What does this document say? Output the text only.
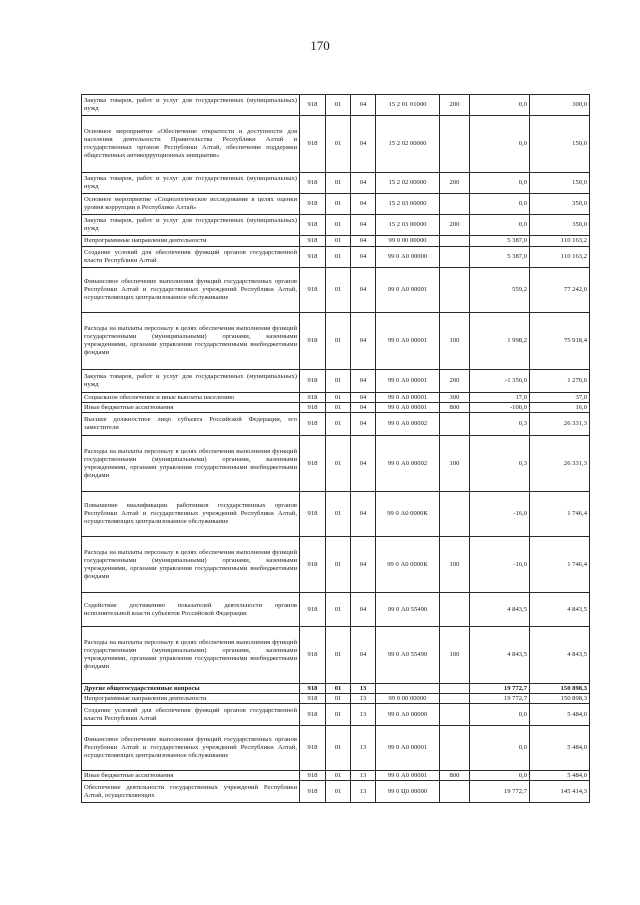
170
Закупка товаров, работ и услуг для государственных (муниципальных) нужд	918	01	04	15 2 01 01000	200	0,0	300,0
Основное мероприятие «Обеспечение открытости и доступности для населения деятельности Правительства Республики Алтай и государственных органов Республики Алтай, обеспечение поддержки общественных антикоррупционных инициатив»	918	01	04	15 2 02 00000		0,0	150,0
Закупка товаров, работ и услуг для государственных (муниципальных) нужд	918	01	04	15 2 02 00000	200	0,0	150,0
Основное мероприятие «Социологическое исследование в целях оценки уровня коррупции в Республике Алтай»	918	01	04	15 2 03 00000		0,0	350,0
Закупка товаров, работ и услуг для государственных (муниципальных) нужд	918	01	04	15 2 03 00000	200	0,0	350,0
Непрограммные направления деятельности	918	01	04	99 0 00 00000		5 387,0	110 163,2
Создание условий для обеспечения функций органов государственной власти Республики Алтай	918	01	04	99 0 А0 00000		5 387,0	110 163,2
Финансовое обеспечение выполнения функций государственных органов Республики Алтай и государственных учреждений Республики Алтай, осуществляющих централизованное обслуживание	918	01	04	99 0 А0 00001		559,2	77 242,0
Расходы на выплаты персоналу в целях обеспечения выполнения функций государственными (муниципальными) органами, казенными учреждениями, органами управления государственными внебюджетными фондами	918	01	04	99 0 А0 00001	100	1 998,2	75 918,4
Закупка товаров, работ и услуг для государственных (муниципальных) нужд	918	01	04	99 0 А0 00001	200	-1 356,0	1 270,6
Социальное обеспечение и иные выплаты населению	918	01	04	99 0 А0 00001	300	17,0	37,0
Иные бюджетные ассигнования	918	01	04	99 0 А0 00001	800	-100,0	16,0
Высшее должностное лицо субъекта Российской Федерации, его заместители	918	01	04	99 0 А0 00002		0,3	26 331,3
Расходы на выплаты персоналу в целях обеспечения выполнения функций государственными (муниципальными) органами, казенными учреждениями, органами управления государственными внебюджетными фондами	918	01	04	99 0 А0 00002	100	0,3	26 331,3
Повышение квалификации работников государственных органов Республики Алтай и государственных учреждений Республики Алтай, осуществляющих централизованное обслуживание	918	01	04	99 0 А0 0000К		-16,0	1 746,4
Расходы на выплаты персоналу в целях обеспечения выполнения функций государственными (муниципальными) органами, казенными учреждениями, органами управления государственными внебюджетными фондами	918	01	04	99 0 А0 0000К	100	-16,0	1 746,4
Содействие достижению показателей деятельности органов исполнительной власти субъектов Российской Федерации	918	01	04	99 0 А0 55490		4 843,5	4 843,5
Расходы на выплаты персоналу в целях обеспечения выполнения функций государственными (муниципальными) органами, казенными учреждениями, органами управления государственными внебюджетными фондами	918	01	04	99 0 А0 55490	100	4 843,5	4 843,5
Другие общегосударственные вопросы	918	01	13			19 772,7	150 898,3
Непрограммные направления деятельности	918	01	13	99 0 00 00000		19 772,7	150 898,3
Создание условий для обеспечения функций органов государственной власти Республики Алтай	918	01	13	99 0 А0 00000		0,0	5 484,0
Финансовое обеспечение выполнения функций государственных органов Республики Алтай и государственных учреждений Республики Алтай, осуществляющих централизованное обслуживание	918	01	13	99 0 А0 00001		0,0	5 484,0
Иные бюджетные ассигнования	918	01	13	99 0 А0 00001	800	0,0	5 484,0
Обеспечение деятельности государственных учреждений Республики Алтай, осуществляющих	918	01	13	99 0 Ц0 00000		19 772,7	145 414,3
